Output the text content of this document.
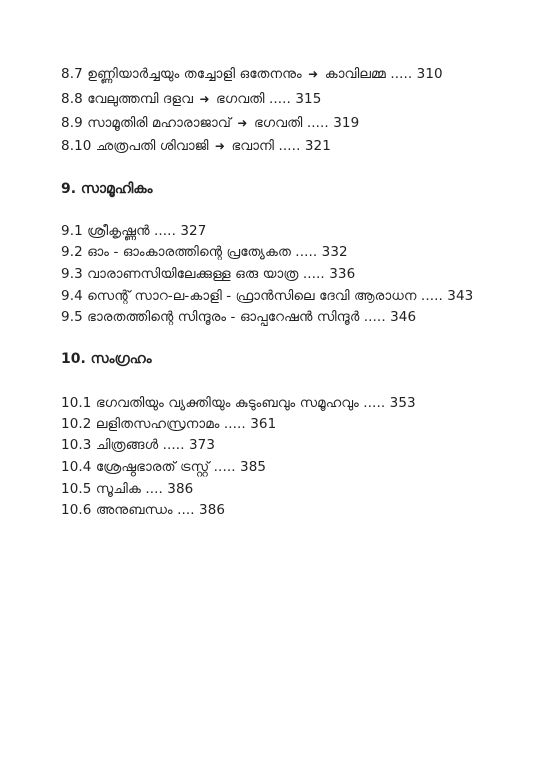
8.7 ഉണ്ണിയാർച്ചയും തച്ചോളി ഒതേനനും ➜ കാവിലമ്മ ..... 310
8.8 വേലുത്തമ്പി ദളവ ➜ ഭഗവതി ..... 315
8.9 സാമൂതിരി മഹാരാജാവ് ➜ ഭഗവതി ..... 319
8.10 ഛത്രപതി ശിവാജി ➜ ഭവാനി ..... 321
9. സാമൂഹികം
9.1 ശ്രീകൃഷ്ണൻ ..... 327
9.2 ഓം - ഓംകാരത്തിന്റെ പ്രത്യേകത ..... 332
9.3 വാരാണസിയിലേക്കുള്ള ഒരു യാത്ര ..... 336
9.4 സെന്റ് സാറ-ല-കാളി - ഫ്രാൻസിലെ ദേവി ആരാധന ..... 343
9.5 ഭാരതത്തിന്റെ സിന്ദൂരം - ഓപ്പറേഷൻ സിന്ദൂർ ..... 346
10. സംഗ്രഹം
10.1 ഭഗവതിയും വ്യക്തിയും കുടുംബവും സമൂഹവും ..... 353
10.2 ലളിതസഹസ്രനാമം ..... 361
10.3 ചിത്രങ്ങൾ ..... 373
10.4 ശ്രേഷ്ഠഭാരത് ട്രസ്റ്റ് ..... 385
10.5 സൂചിക .... 386
10.6 അനുബന്ധം .... 386
